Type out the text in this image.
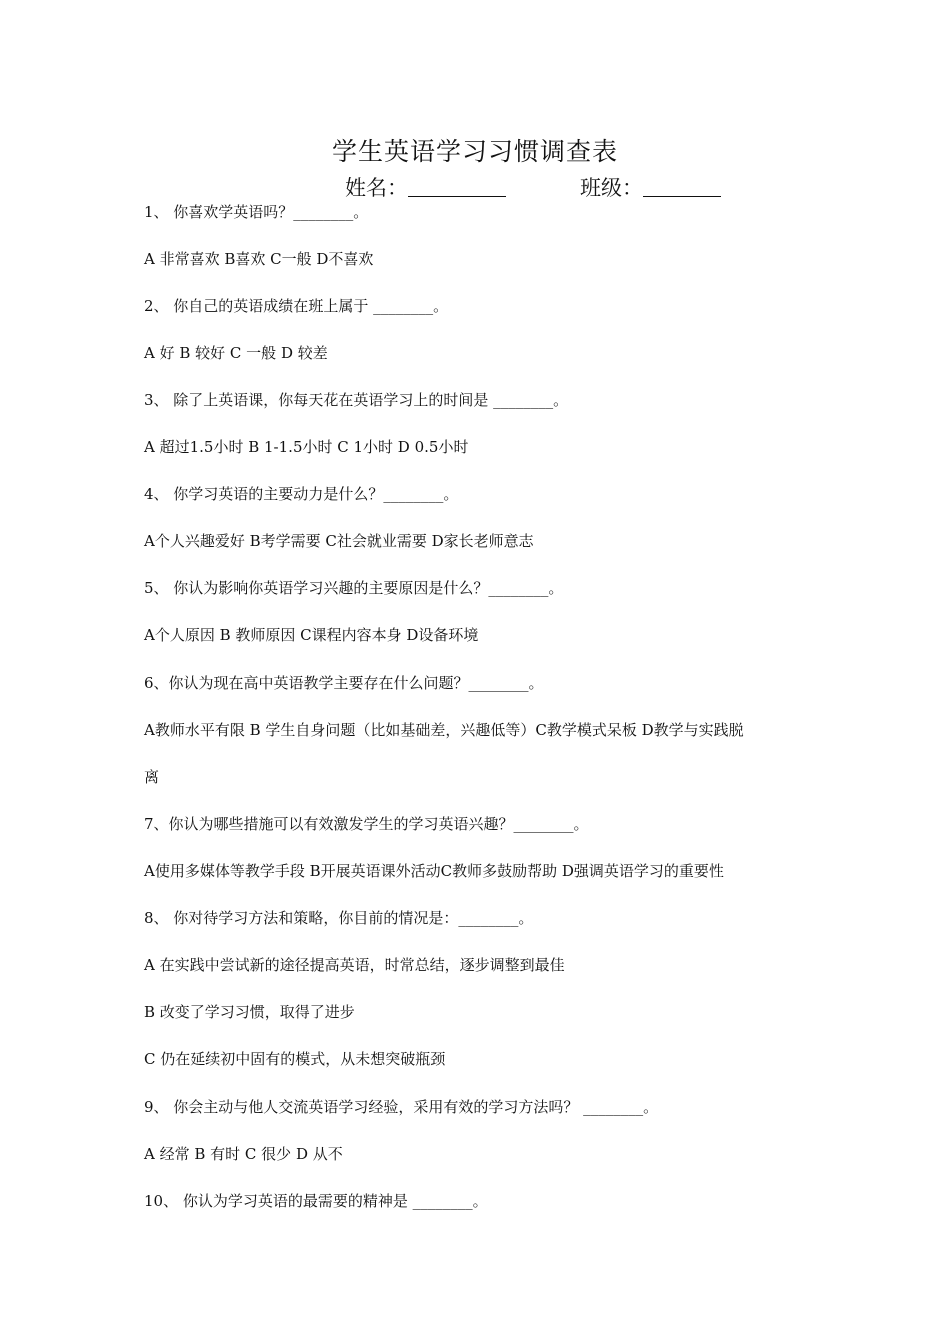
学生英语学习习惯调查表
姓名：	班级：
1、 你喜欢学英语吗？________。
A 非常喜欢 B喜欢 C一般 D不喜欢
2、 你自己的英语成绩在班上属于 ________。
A 好 B 较好 C 一般 D 较差
3、 除了上英语课，你每天花在英语学习上的时间是 ________。
A 超过1.5小时 B 1-1.5小时 C 1小时 D 0.5小时
4、 你学习英语的主要动力是什么？________。
A个人兴趣爱好 B考学需要 C社会就业需要 D家长老师意志
5、 你认为影响你英语学习兴趣的主要原因是什么？________。
A个人原因 B 教师原因 C课程内容本身 D设备环境
6、你认为现在高中英语教学主要存在什么问题？________。
A教师水平有限 B 学生自身问题（比如基础差，兴趣低等）C教学模式呆板 D教学与实践脱
离
7、你认为哪些措施可以有效激发学生的学习英语兴趣？________。
A使用多媒体等教学手段 B开展英语课外活动C教师多鼓励帮助 D强调英语学习的重要性
8、 你对待学习方法和策略，你目前的情况是：________。
A 在实践中尝试新的途径提高英语，时常总结，逐步调整到最佳
B 改变了学习习惯，取得了进步
C 仍在延续初中固有的模式，从未想突破瓶颈
9、 你会主动与他人交流英语学习经验，采用有效的学习方法吗？ ________。
A 经常 B 有时 C 很少 D 从不
10、 你认为学习英语的最需要的精神是 ________。
